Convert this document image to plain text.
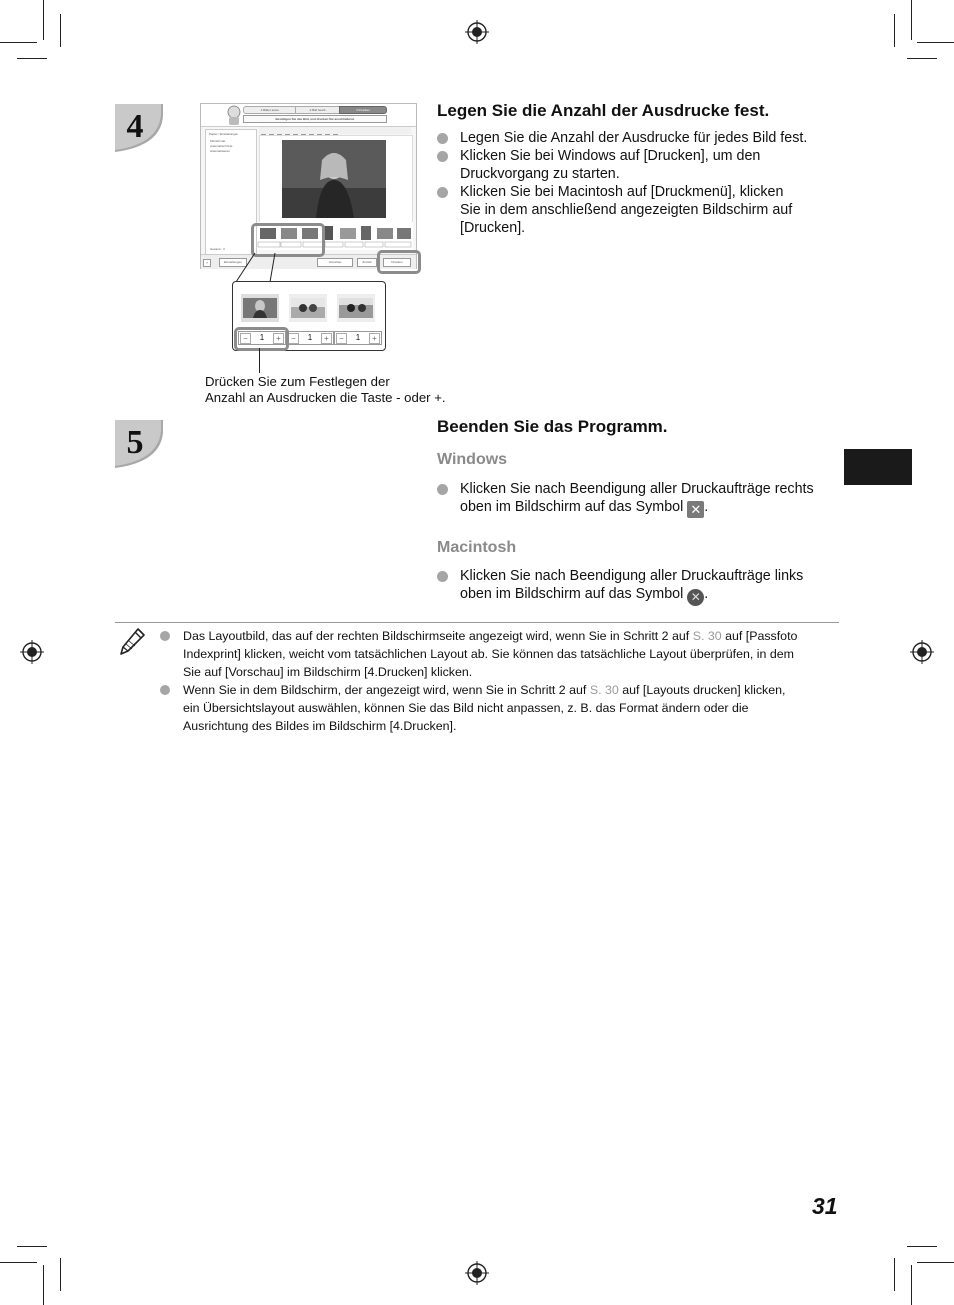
4	1.Bilder ausw.	2.Bild bearb.	3.Drucken
Bestätigen Sie das Bild, und drucken Sie anschließend.
Papier / Einstellungen
Kleinformat
Automatisch fest.
Automatisieren
Gesamt : 3
?	Einstellungen	Vorschau	Zurück	Drucken
−	1	+	−	1	+	−	1	+
Drücken Sie zum Festlegen der
Anzahl an Ausdrucken die Taste - oder +.
Legen Sie die Anzahl der Ausdrucke fest.
Legen Sie die Anzahl der Ausdrucke für jedes Bild fest.
Klicken Sie bei Windows auf [Drucken], um den
Druckvorgang zu starten.
Klicken Sie bei Macintosh auf [Druckmenü], klicken
Sie in dem anschließend angezeigten Bildschirm auf
[Drucken].
5	Beenden Sie das Programm.
Windows
Klicken Sie nach Beendigung aller Druckaufträge rechts
oben im Bildschirm auf das Symbol ✕ .
Macintosh
Klicken Sie nach Beendigung aller Druckaufträge links
oben im Bildschirm auf das Symbol ✕ .
Das Layoutbild, das auf der rechten Bildschirmseite angezeigt wird, wenn Sie in Schritt 2 auf S. 30 auf [Passfoto
Indexprint] klicken, weicht vom tatsächlichen Layout ab. Sie können das tatsächliche Layout überprüfen, in dem
Sie auf [Vorschau] im Bildschirm [4.Drucken] klicken.
Wenn Sie in dem Bildschirm, der angezeigt wird, wenn Sie in Schritt 2 auf S. 30 auf [Layouts drucken] klicken,
ein Übersichtslayout auswählen, können Sie das Bild nicht anpassen, z. B. das Format ändern oder die
Ausrichtung des Bildes im Bildschirm [4.Drucken].
31
